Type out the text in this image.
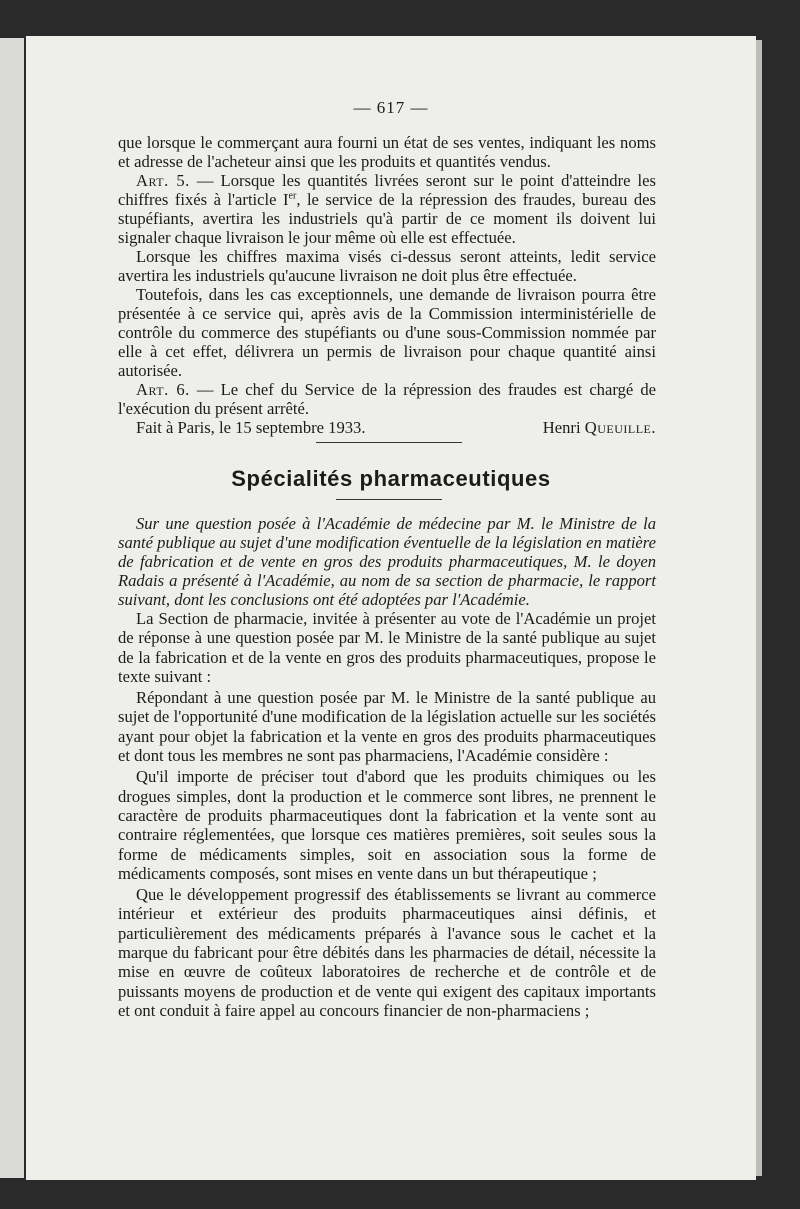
— 617 —

que lorsque le commerçant aura fourni un état de ses ventes, indiquant les noms et adresse de l'acheteur ainsi que les produits et quantités vendus.

Art. 5. — Lorsque les quantités livrées seront sur le point d'atteindre les chiffres fixés à l'article Ier, le service de la répression des fraudes, bureau des stupéfiants, avertira les industriels qu'à partir de ce moment ils doivent lui signaler chaque livraison le jour même où elle est effectuée.

Lorsque les chiffres maxima visés ci-dessus seront atteints, ledit service avertira les industriels qu'aucune livraison ne doit plus être effectuée.

Toutefois, dans les cas exceptionnels, une demande de livraison pourra être présentée à ce service qui, après avis de la Commission interministérielle de contrôle du commerce des stupéfiants ou d'une sous-Commission nommée par elle à cet effet, délivrera un permis de livraison pour chaque quantité ainsi autorisée.

Art. 6. — Le chef du Service de la répression des fraudes est chargé de l'exécution du présent arrêté.

Fait à Paris, le 15 septembre 1933.	Henri Queuille.
Spécialités pharmaceutiques

Sur une question posée à l'Académie de médecine par M. le Ministre de la santé publique au sujet d'une modification éventuelle de la législation en matière de fabrication et de vente en gros des produits pharmaceutiques, M. le doyen Radais a présenté à l'Académie, au nom de sa section de pharmacie, le rapport suivant, dont les conclusions ont été adoptées par l'Académie.

La Section de pharmacie, invitée à présenter au vote de l'Académie un projet de réponse à une question posée par M. le Ministre de la santé publique au sujet de la fabrication et de la vente en gros des produits pharmaceutiques, propose le texte suivant :

Répondant à une question posée par M. le Ministre de la santé publique au sujet de l'opportunité d'une modification de la législation actuelle sur les sociétés ayant pour objet la fabrication et la vente en gros des produits pharmaceutiques et dont tous les membres ne sont pas pharmaciens, l'Académie considère :

Qu'il importe de préciser tout d'abord que les produits chimiques ou les drogues simples, dont la production et le commerce sont libres, ne prennent le caractère de produits pharmaceutiques dont la fabrication et la vente sont au contraire réglementées, que lorsque ces matières premières, soit seules sous la forme de médicaments simples, soit en association sous la forme de médicaments composés, sont mises en vente dans un but thérapeutique ;

Que le développement progressif des établissements se livrant au commerce intérieur et extérieur des produits pharmaceutiques ainsi définis, et particulièrement des médicaments préparés à l'avance sous le cachet et la marque du fabricant pour être débités dans les pharmacies de détail, nécessite la mise en œuvre de coûteux laboratoires de recherche et de contrôle et de puissants moyens de production et de vente qui exigent des capitaux importants et ont conduit à faire appel au concours financier de non-pharmaciens ;
